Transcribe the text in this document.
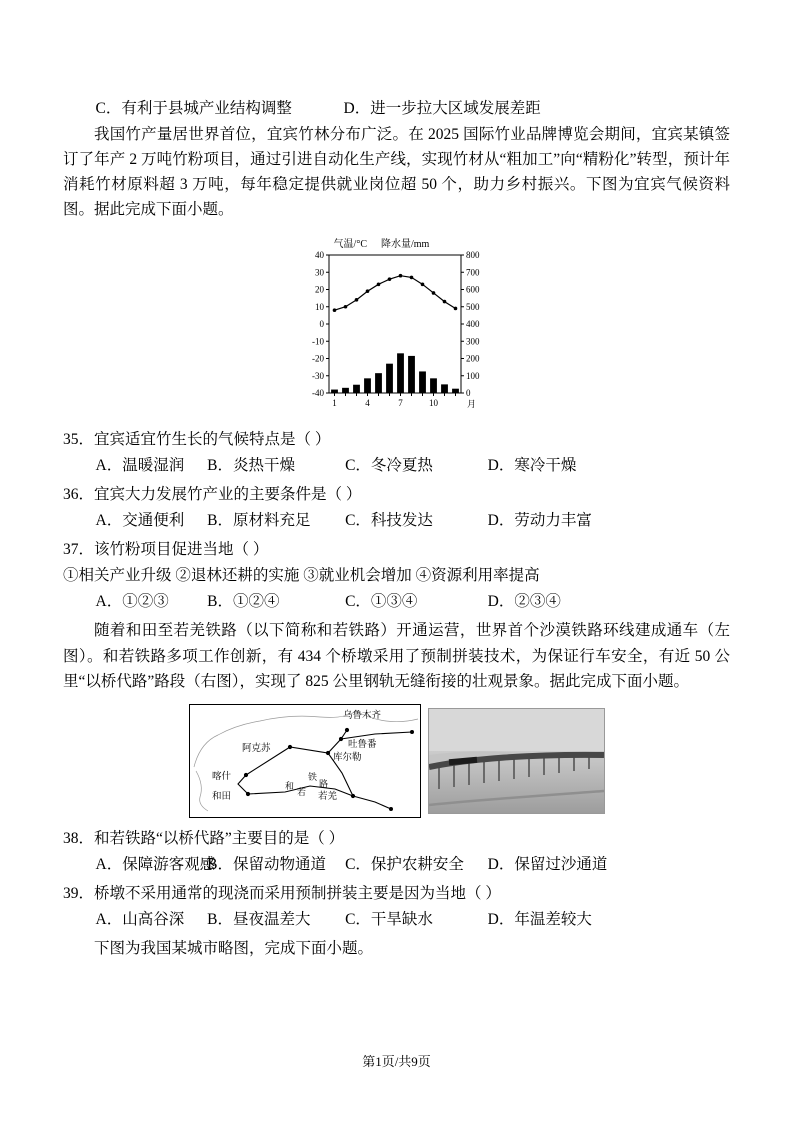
C．有利于县城产业结构调整	D．进一步拉大区域发展差距

我国竹产量居世界首位，宜宾竹林分布广泛。在 2025 国际竹业品牌博览会期间，宜宾某镇签订了年产 2 万吨竹粉项目，通过引进自动化生产线，实现竹材从“粗加工”向“精粉化”转型，预计年消耗竹材原料超 3 万吨，每年稳定提供就业岗位超 50 个，助力乡村振兴。下图为宜宾气候资料图。据此完成下面小题。

-40
-30
-20
-10
0
10
20
30
40
0
100
200
300
400
500
600
700
800
1	4	7	10	月
气温/°C 降水量/mm

35．宜宾适宜竹生长的气候特点是（ ）

A．温暖湿润	B．炎热干燥	C．冬冷夏热	D．寒冷干燥

36．宜宾大力发展竹产业的主要条件是（ ）

A．交通便利	B．原材料充足	C．科技发达	D．劳动力丰富

37．该竹粉项目促进当地（ ）

①相关产业升级 ②退林还耕的实施 ③就业机会增加 ④资源利用率提高

A．①②③	B．①②④	C．①③④	D．②③④

随着和田至若羌铁路（以下简称和若铁路）开通运营，世界首个沙漠铁路环线建成通车（左图）。和若铁路多项工作创新，有 434 个桥墩采用了预制拼装技术，为保证行车安全，有近 50 公里“以桥代路”路段（右图），实现了 825 公里钢轨无缝衔接的壮观景象。据此完成下面小题。

乌鲁木齐
吐鲁番
库尔勒
阿克苏
喀什
和田	若羌
和
若
铁
路

38．和若铁路“以桥代路”主要目的是（ ）

A．保障游客观感
B．保留动物通道	C．保护农耕安全	D．保留过沙通道

39．桥墩不采用通常的现浇而采用预制拼装主要是因为当地（ ）

A．山高谷深	B．昼夜温差大	C．干旱缺水	D．年温差较大

下图为我国某城市略图，完成下面小题。

第1页/共9页
